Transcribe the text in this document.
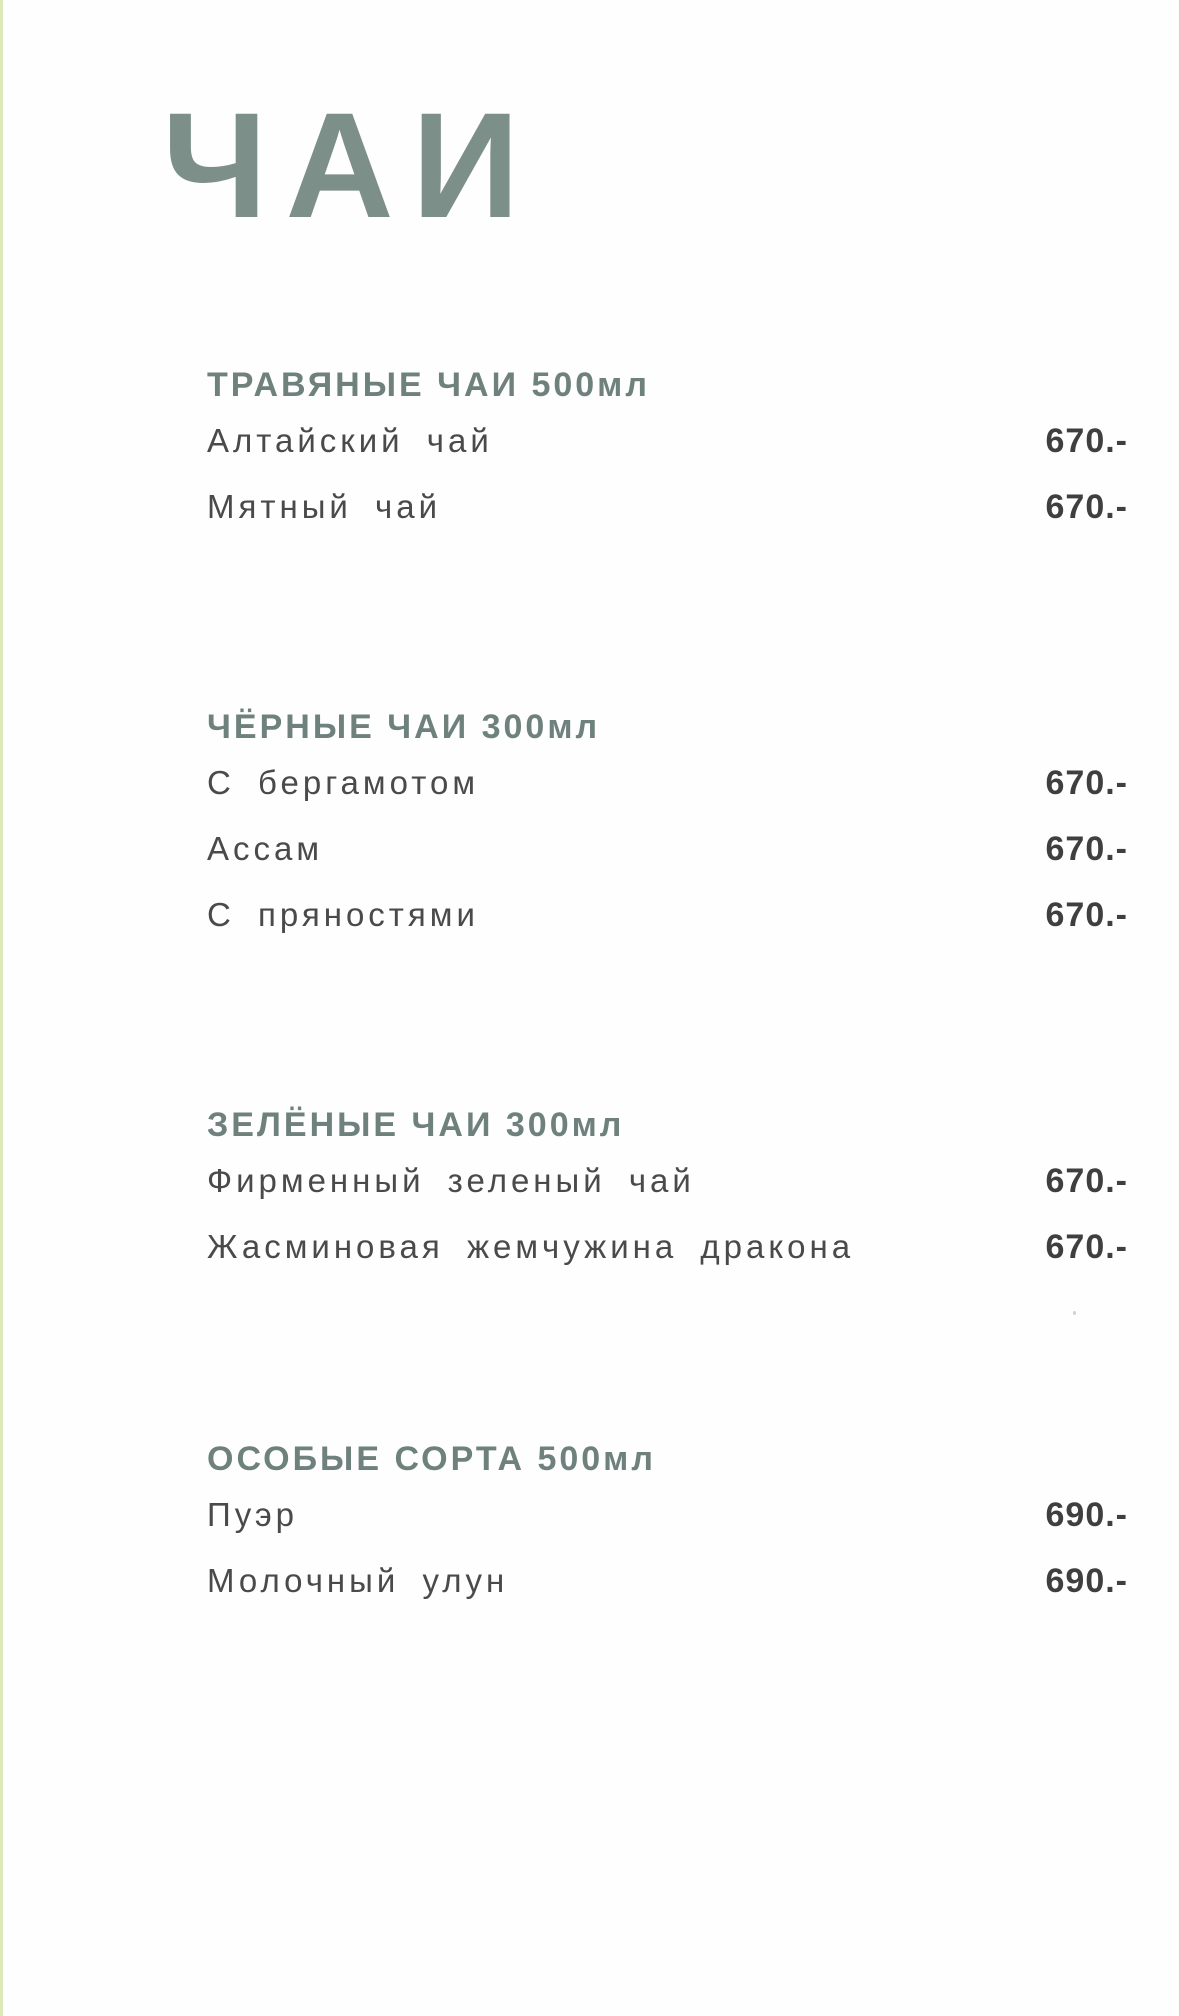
ЧАИ
ТРАВЯНЫЕ ЧАИ 500мл
Алтайский чай	670.-
Мятный чай	670.-
ЧЁРНЫЕ ЧАИ 300мл
С бергамотом	670.-
Ассам	670.-
С пряностями	670.-
ЗЕЛЁНЫЕ ЧАИ 300мл
Фирменный зеленый чай	670.-
Жасминовая жемчужина дракона	670.-
ОСОБЫЕ СОРТА 500мл
Пуэр	690.-
Молочный улун	690.-
